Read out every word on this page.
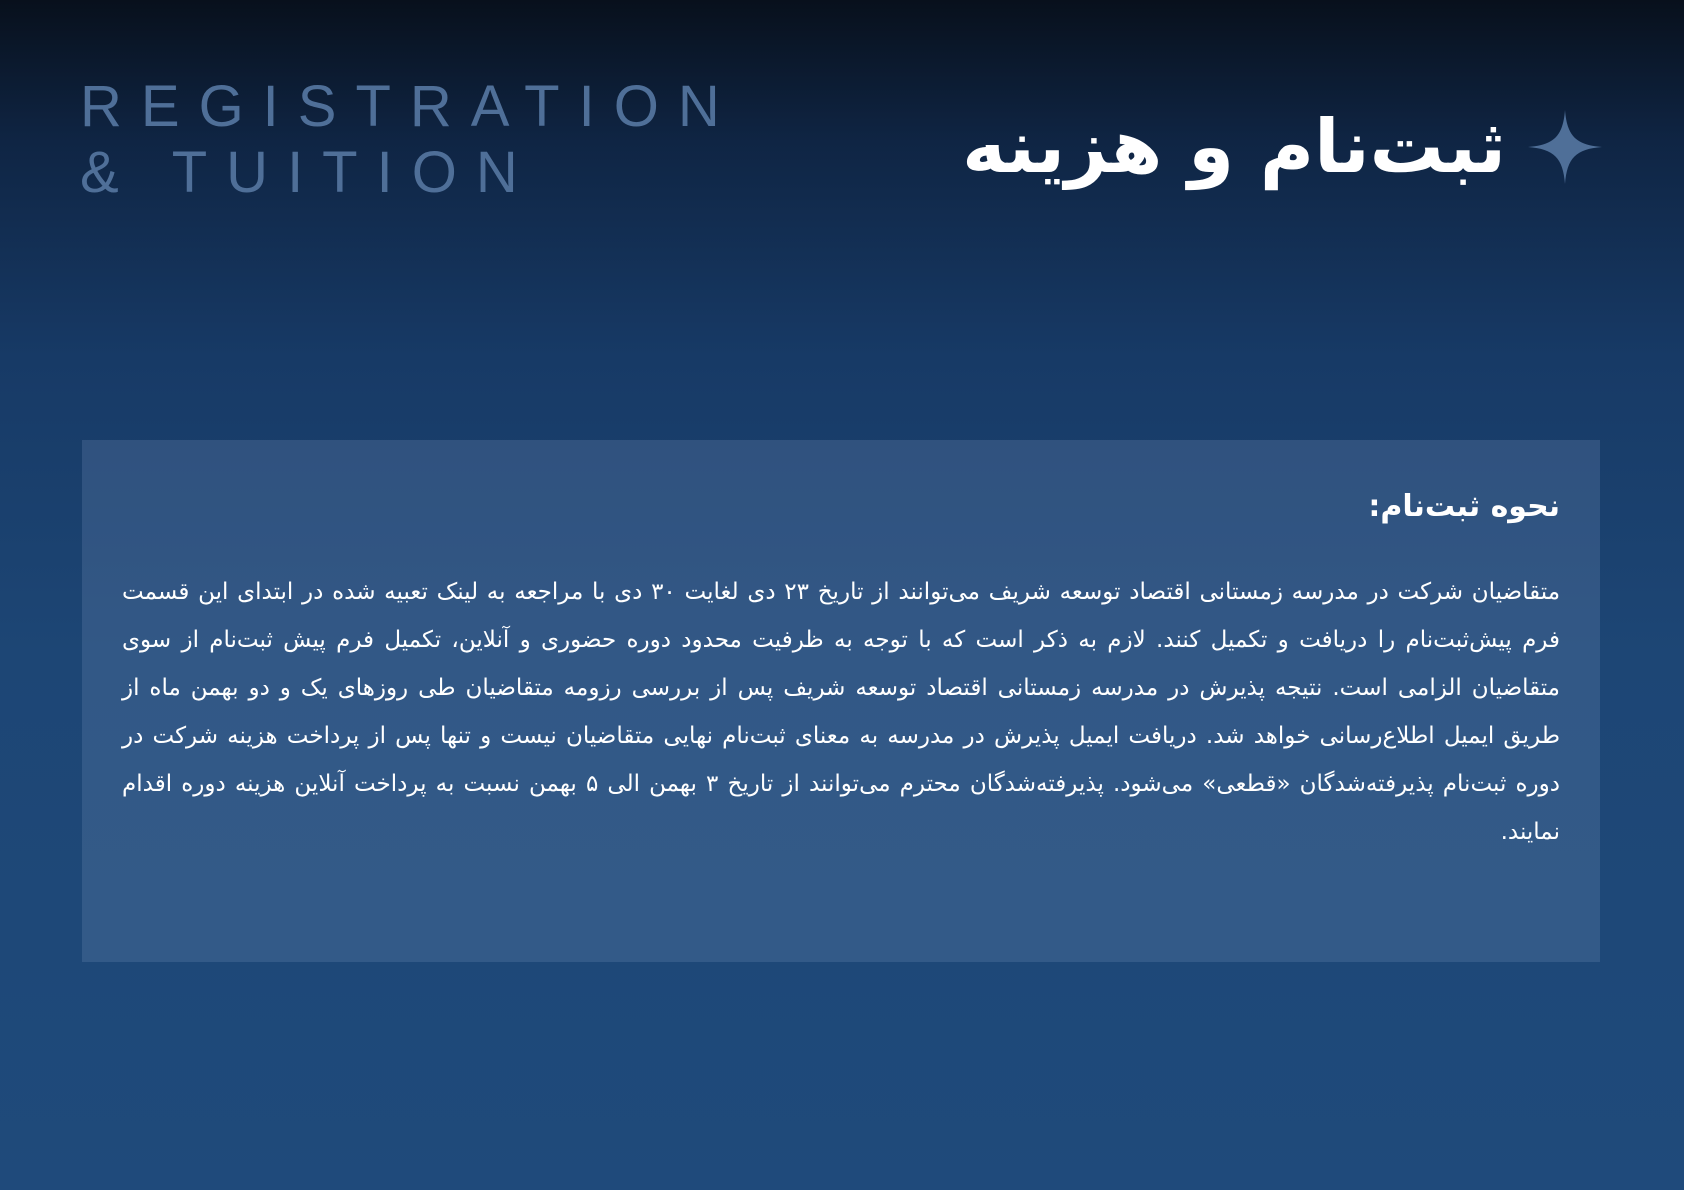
REGISTRATION
& TUITION	ثبت‌نام و هزینه
نحوه ثبت‌نام:

متقاضیان شرکت در مدرسه زمستانی اقتصاد توسعه شریف می‌توانند از تاریخ ۲۳ دی لغایت ۳۰ دی با مراجعه به لینک تعبیه شده در ابتدای این قسمت فرم پیش‌ثبت‌نام را دریافت و تکمیل کنند. لازم به ذکر است که با توجه به ظرفیت محدود دوره حضوری و آنلاین، تکمیل فرم پیش ثبت‌نام از سوی متقاضیان الزامی است. نتیجه پذیرش در مدرسه زمستانی اقتصاد توسعه شریف پس از بررسی رزومه متقاضیان طی روزهای یک و دو بهمن ماه از طریق ایمیل اطلاع‌رسانی خواهد شد. دریافت ایمیل پذیرش در مدرسه به معنای ثبت‌نام نهایی متقاضیان نیست و تنها پس از پرداخت هزینه شرکت در دوره ثبت‌نام پذیرفته‌شدگان «قطعی» می‌شود. پذیرفته‌شدگان محترم می‌توانند از تاریخ ۳ بهمن الی ۵ بهمن نسبت به پرداخت آنلاین هزینه دوره اقدام نمایند.
